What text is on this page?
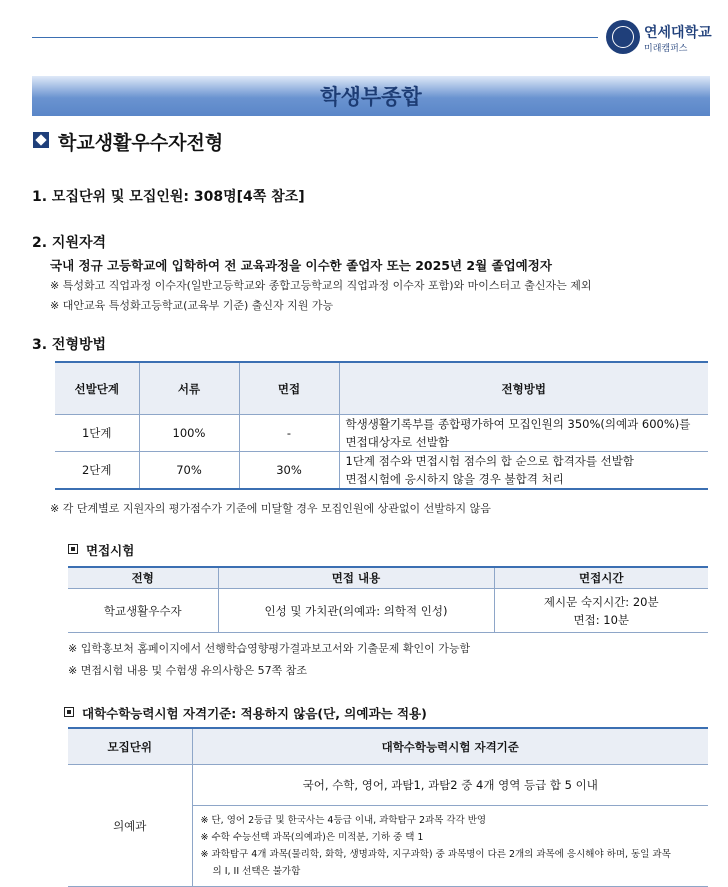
연세대학교
미래캠퍼스
학생부종합
학교생활우수자전형
1. 모집단위 및 모집인원: 308명[4쪽 참조]
2. 지원자격
국내 정규 고등학교에 입학하여 전 교육과정을 이수한 졸업자 또는 2025년 2월 졸업예정자
※ 특성화고 직업과정 이수자(일반고등학교와 종합고등학교의 직업과정 이수자 포함)와 마이스터고 출신자는 제외
※ 대안교육 특성화고등학교(교육부 기준) 출신자 지원 가능
3. 전형방법
선발단계	서류	면접	전형방법
1단계	100%	-	학생생활기록부를 종합평가하여 모집인원의 350%(의예과 600%)를
면접대상자로 선발함

2단계	70%	30%	1단계 점수와 면접시험 점수의 합 순으로 합격자를 선발함
면접시험에 응시하지 않을 경우 불합격 처리
※ 각 단계별로 지원자의 평가점수가 기준에 미달할 경우 모집인원에 상관없이 선발하지 않음
면접시험
전형	면접 내용	면접시간
학교생활우수자	인성 및 가치관(의예과: 의학적 인성)	제시문 숙지시간: 20분
면접: 10분
※ 입학홍보처 홈페이지에서 선행학습영향평가결과보고서와 기출문제 확인이 가능함
※ 면접시험 내용 및 수험생 유의사항은 57쪽 참조
대학수학능력시험 자격기준: 적용하지 않음(단, 의예과는 적용)
모집단위	대학수학능력시험 자격기준
의예과	국어, 수학, 영어, 과탐1, 과탐2 중 4개 영역 등급 합 5 이내

	※ 단, 영어 2등급 및 한국사는 4등급 이내, 과학탐구 2과목 각각 반영
※ 수학 수능선택 과목(의예과)은 미적분, 기하 중 택 1
※ 과학탐구 4개 과목(물리학, 화학, 생명과학, 지구과학) 중 과목명이 다른 2개의 과목에 응시해야 하며, 동일 과목
의 I, II 선택은 불가함
